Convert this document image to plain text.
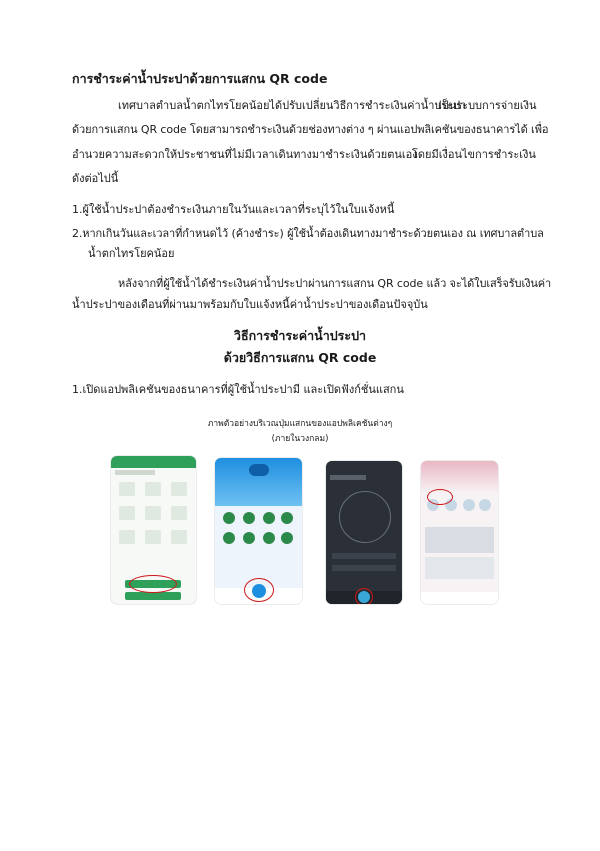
การชำระค่าน้ำประปาด้วยการแสกน QR code
เทศบาลตำบลน้ำตกไทรโยคน้อยได้ปรับเปลี่ยนวิธีการชำระเงินค่าน้ำประปา
เป็นระบบการจ่ายเงิน
ด้วยการแสกน QR code โดยสามารถชำระเงินด้วยช่องทางต่าง ๆ ผ่านแอปพลิเคชันของธนาคารได้ เพื่อ
อำนวยความสะดวกให้ประชาชนที่ไม่มีเวลาเดินทางมาชำระเงินด้วยตนเอง
โดยมีเงื่อนไขการชำระเงิน
ดังต่อไปนี้
1.ผู้ใช้น้ำประปาต้องชำระเงินภายในวันและเวลาที่ระบุไว้ในใบแจ้งหนี้
2.หากเกินวันและเวลาที่กำหนดไว้ (ค้างชำระ) ผู้ใช้น้ำต้องเดินทางมาชำระด้วยตนเอง ณ เทศบาลตำบล
น้ำตกไทรโยคน้อย
หลังจากที่ผู้ใช้น้ำได้ชำระเงินค่าน้ำประปาผ่านการแสกน QR code แล้ว จะได้ใบเสร็จรับเงินค่า
น้ำประปาของเดือนที่ผ่านมาพร้อมกับใบแจ้งหนี้ค่าน้ำประปาของเดือนปัจจุบัน
วิธีการชำระค่าน้ำประปา
ด้วยวิธีการแสกน QR code
1.เปิดแอปพลิเคชันของธนาคารที่ผู้ใช้น้ำประปามี และเปิดฟังก์ชั่นแสกน
ภาพตัวอย่างบริเวณปุ่มแสกนของแอปพลิเคชันต่างๆ
(ภายในวงกลม)
